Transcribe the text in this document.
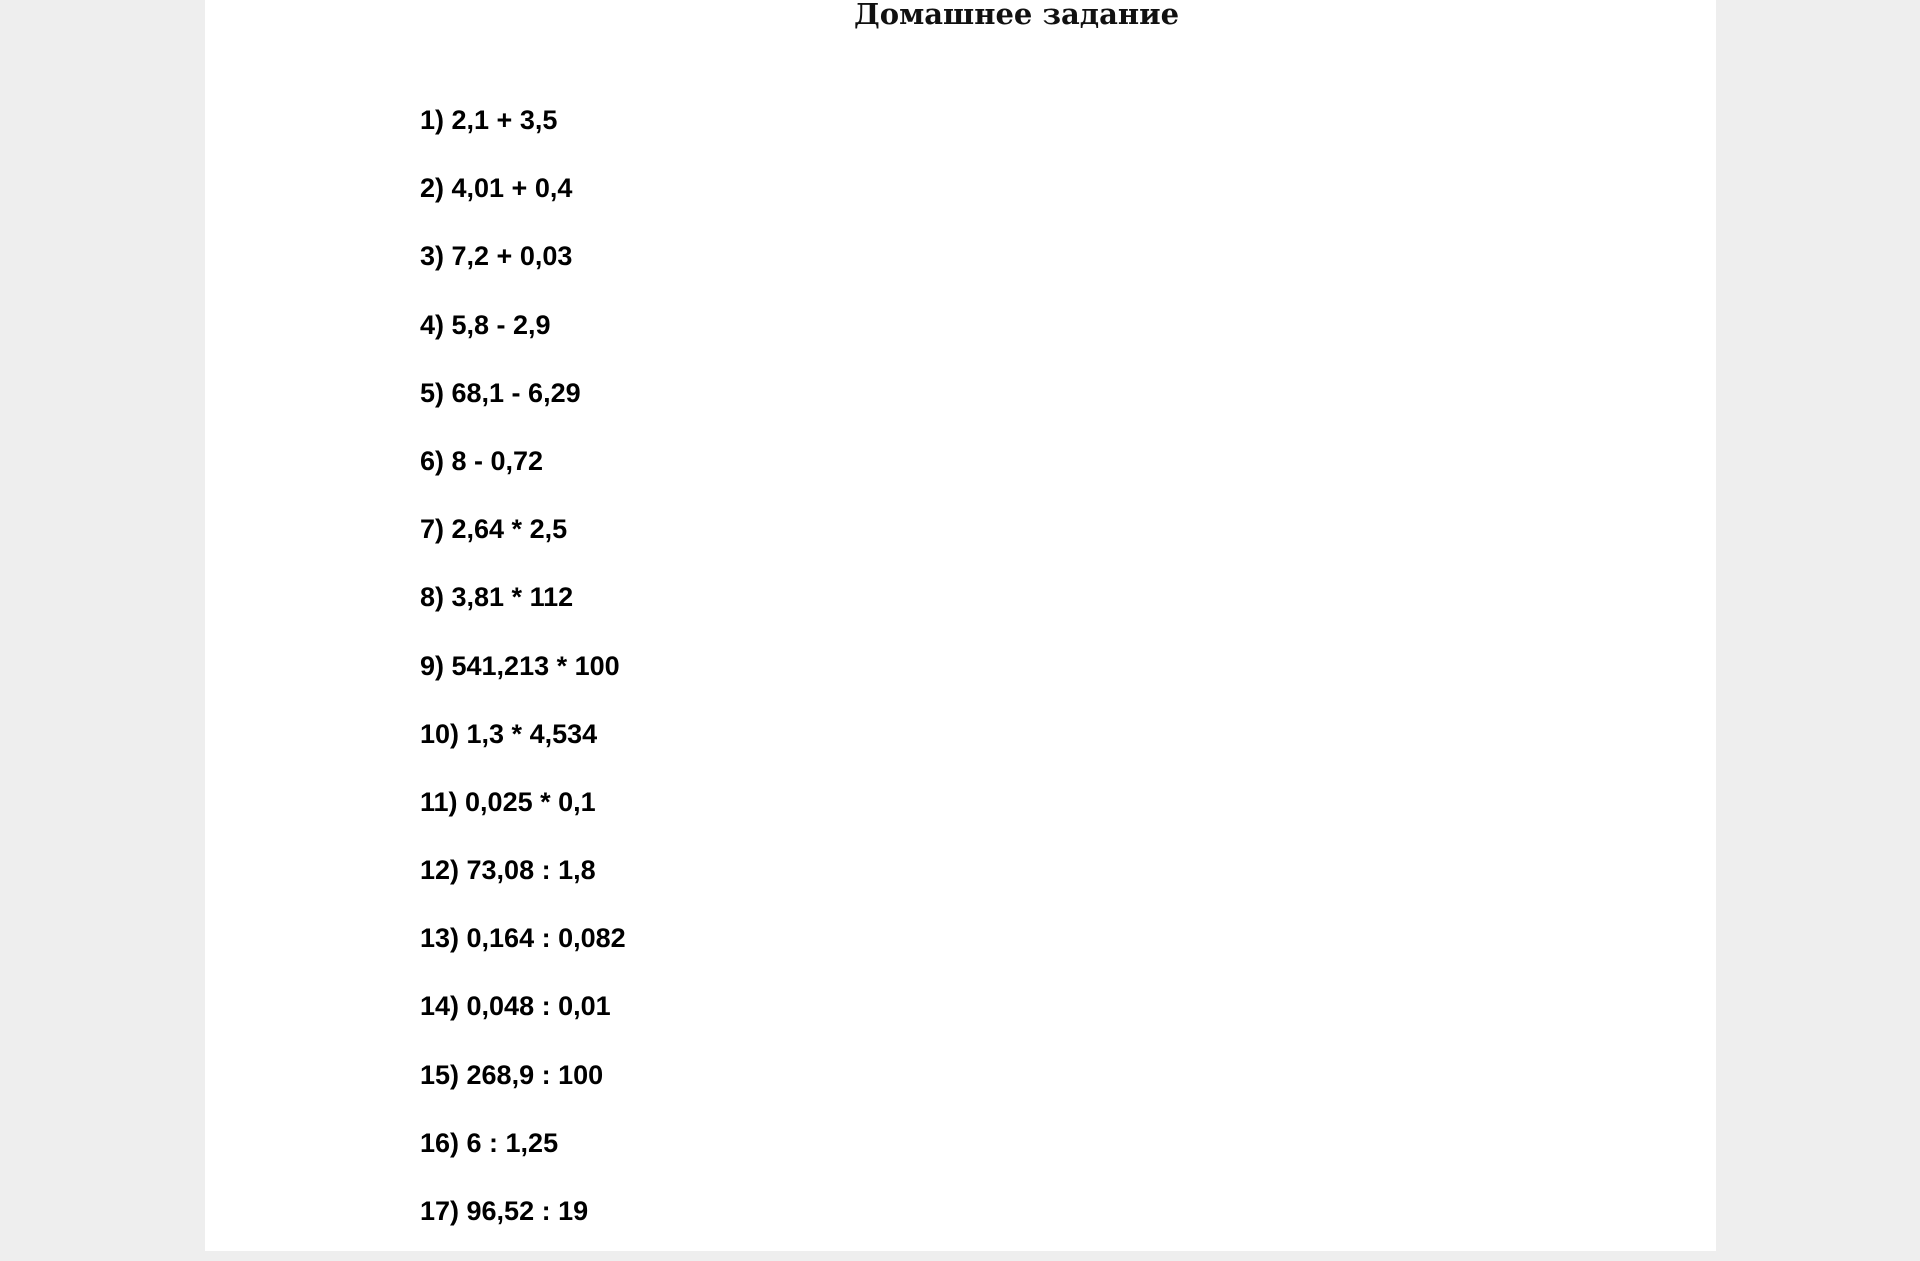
Домашнее задание
1) 2,1 + 3,5
2) 4,01 + 0,4
3) 7,2 + 0,03
4) 5,8 - 2,9
5) 68,1 - 6,29
6) 8 - 0,72
7) 2,64 * 2,5
8) 3,81 * 112
9) 541,213 * 100
10) 1,3 * 4,534
11) 0,025 * 0,1
12) 73,08 : 1,8
13) 0,164 : 0,082
14) 0,048 : 0,01
15) 268,9 : 100
16) 6 : 1,25
17) 96,52 : 19
